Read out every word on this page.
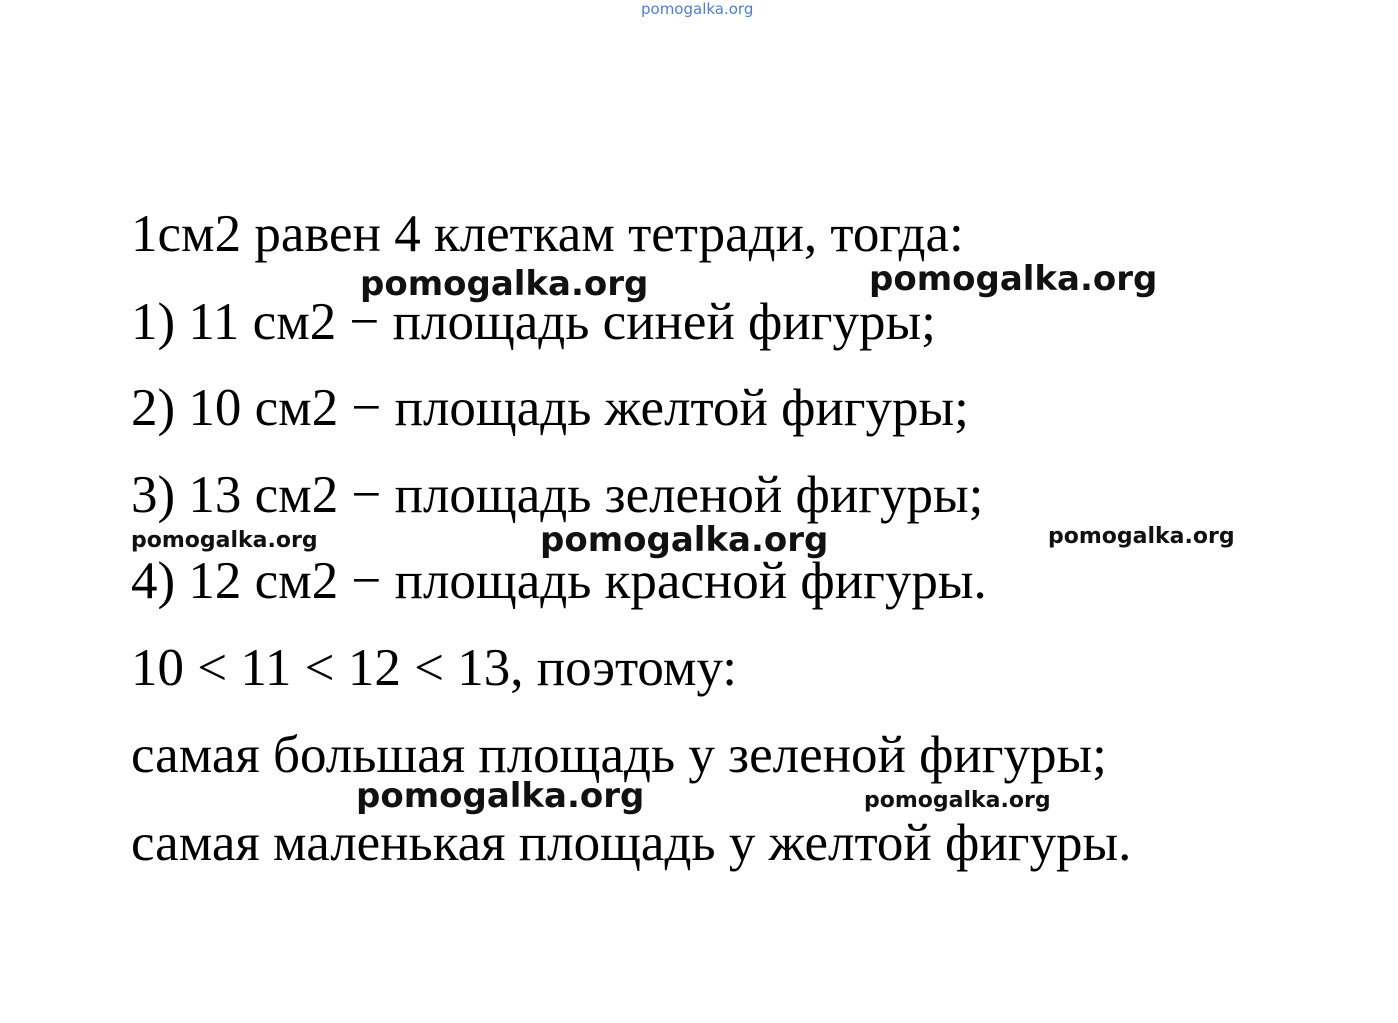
pomogalka.org
1см2 равен 4 клеткам тетради, тогда:
1) 11 см2 − площадь синей фигуры;
2) 10 см2 − площадь желтой фигуры;
3) 13 см2 − площадь зеленой фигуры;
4) 12 см2 − площадь красной фигуры.
10 < 11 < 12 < 13, поэтому:
самая большая площадь у зеленой фигуры;
самая маленькая площадь у желтой фигуры.
pomogalka.org	pomogalka.org
pomogalka.org	pomogalka.org	pomogalka.org
pomogalka.org	pomogalka.org
